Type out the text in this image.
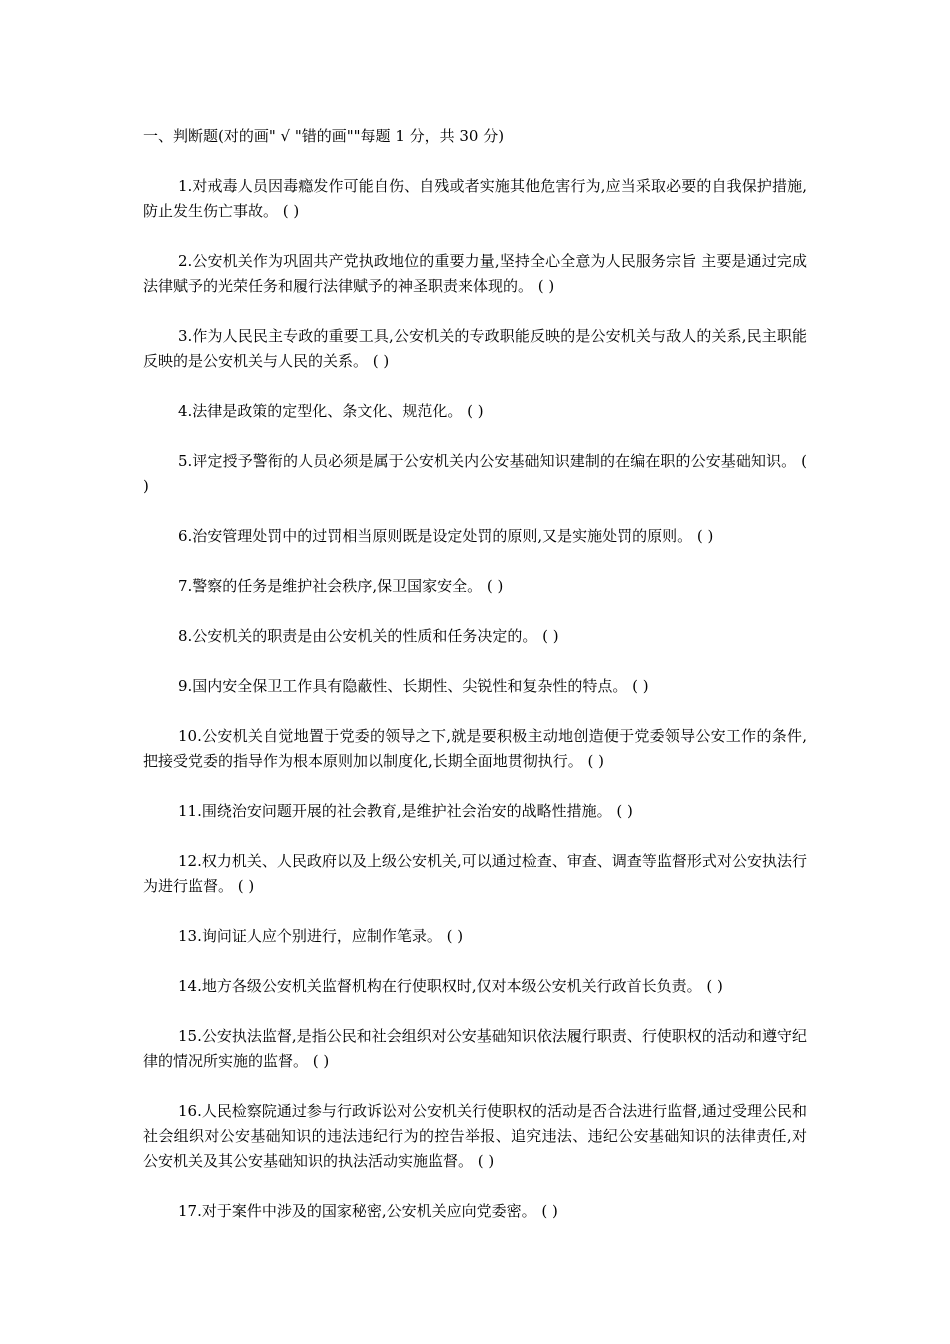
一、判断题(对的画" √ "错的画""每题 1 分，共 30 分)

1.对戒毒人员因毒瘾发作可能自伤、自残或者实施其他危害行为,应当采取必要的自我保护措施,防止发生伤亡事故。 ( )

2.公安机关作为巩固共产党执政地位的重要力量,坚持全心全意为人民服务宗旨 主要是通过完成法律赋予的光荣任务和履行法律赋予的神圣职责来体现的。 ( )

3.作为人民民主专政的重要工具,公安机关的专政职能反映的是公安机关与敌人的关系,民主职能反映的是公安机关与人民的关系。 ( )

4.法律是政策的定型化、条文化、规范化。 ( )

5.评定授予警衔的人员必须是属于公安机关内公安基础知识建制的在编在职的公安基础知识。 ( )

6.治安管理处罚中的过罚相当原则既是设定处罚的原则,又是实施处罚的原则。 ( )

7.警察的任务是维护社会秩序,保卫国家安全。 ( )

8.公安机关的职责是由公安机关的性质和任务决定的。 ( )

9.国内安全保卫工作具有隐蔽性、长期性、尖锐性和复杂性的特点。 ( )

10.公安机关自觉地置于党委的领导之下,就是要积极主动地创造便于党委领导公安工作的条件,把接受党委的指导作为根本原则加以制度化,长期全面地贯彻执行。 ( )

11.围绕治安问题开展的社会教育,是维护社会治安的战略性措施。 ( )

12.权力机关、人民政府以及上级公安机关,可以通过检查、审查、调查等监督形式对公安执法行为进行监督。 ( )

13.询问证人应个别进行，应制作笔录。 ( )

14.地方各级公安机关监督机构在行使职权时,仅对本级公安机关行政首长负责。 ( )

15.公安执法监督,是指公民和社会组织对公安基础知识依法履行职责、行使职权的活动和遵守纪律的情况所实施的监督。 ( )

16.人民检察院通过参与行政诉讼对公安机关行使职权的活动是否合法进行监督,通过受理公民和社会组织对公安基础知识的违法违纪行为的控告举报、追究违法、违纪公安基础知识的法律责任,对公安机关及其公安基础知识的执法活动实施监督。 ( )

17.对于案件中涉及的国家秘密,公安机关应向党委密。 ( )
